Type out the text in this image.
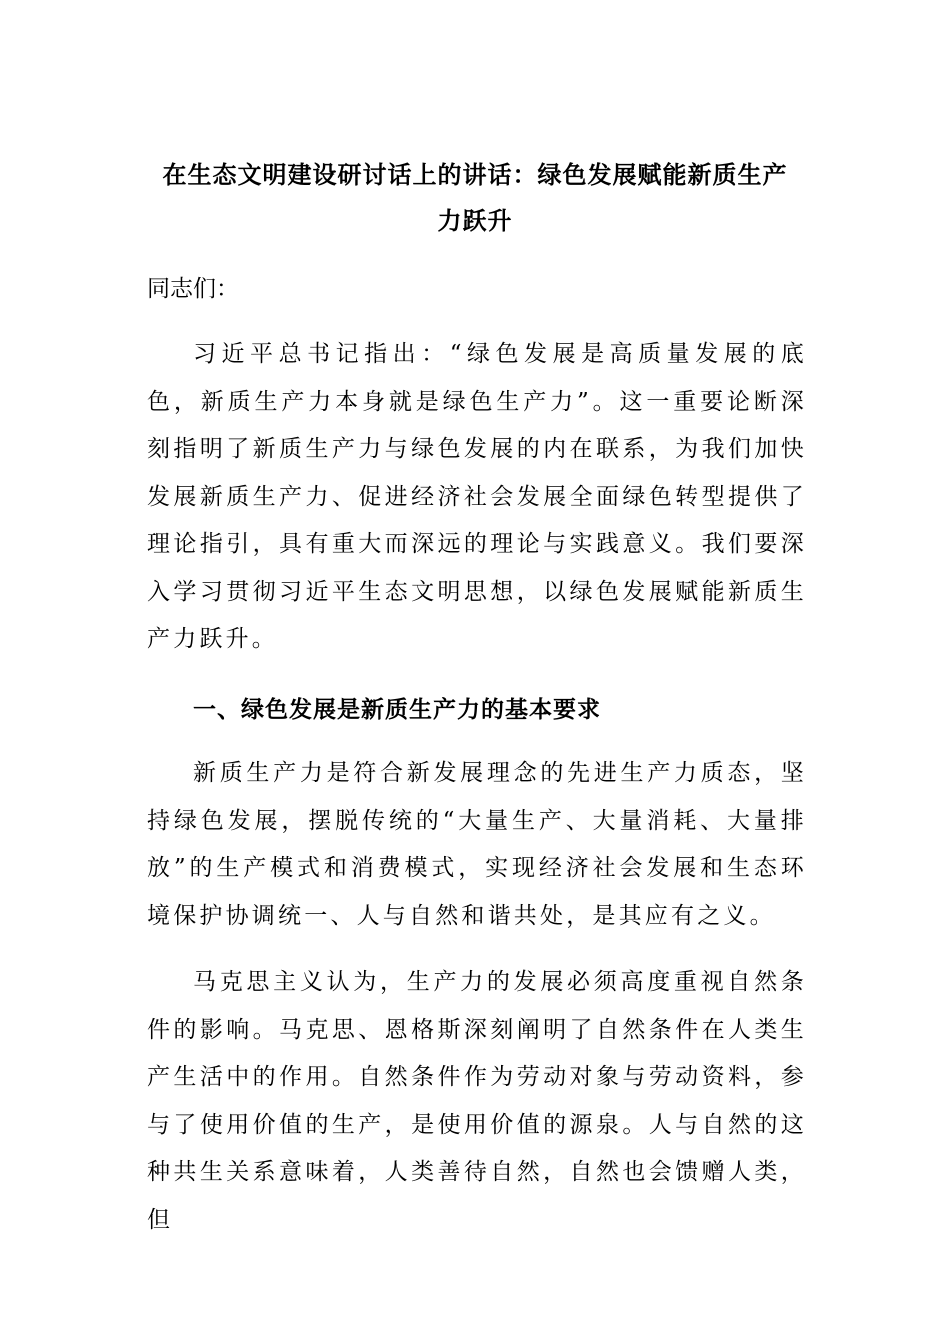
在生态文明建设研讨话上的讲话：绿色发展赋能新质生产
力跃升
同志们：

习近平总书记指出：“绿色发展是高质量发展的底色，新质生产力本身就是绿色生产力”。这一重要论断深刻指明了新质生产力与绿色发展的内在联系，为我们加快发展新质生产力、促进经济社会发展全面绿色转型提供了理论指引，具有重大而深远的理论与实践意义。我们要深入学习贯彻习近平生态文明思想，以绿色发展赋能新质生产力跃升。

一、绿色发展是新质生产力的基本要求

新质生产力是符合新发展理念的先进生产力质态，坚持绿色发展，摆脱传统的“大量生产、大量消耗、大量排放”的生产模式和消费模式，实现经济社会发展和生态环境保护协调统一、人与自然和谐共处，是其应有之义。

马克思主义认为，生产力的发展必须高度重视自然条件的影响。马克思、恩格斯深刻阐明了自然条件在人类生产生活中的作用。自然条件作为劳动对象与劳动资料，参与了使用价值的生产，是使用价值的源泉。人与自然的这种共生关系意味着，人类善待自然，自然也会馈赠人类，但
